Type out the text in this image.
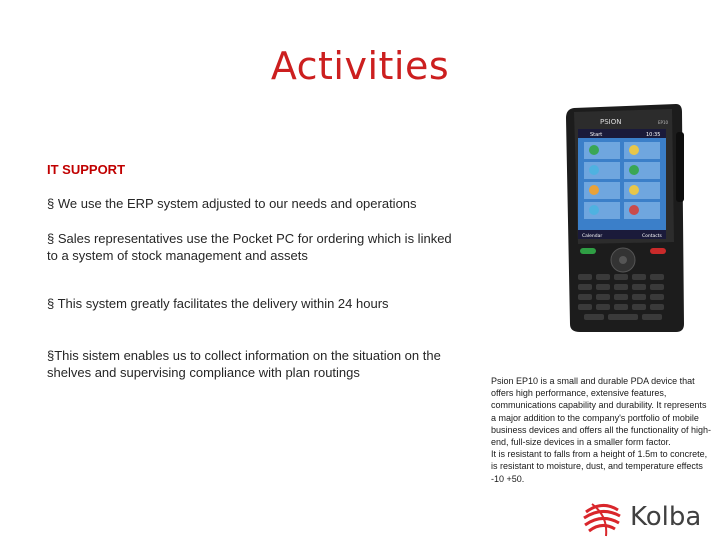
Activities
IT SUPPORT
§ We use the ERP system adjusted to our needs and operations
§ Sales representatives use the Pocket PC for ordering which is linked to a system of stock management and assets
§ This system greatly facilitates the delivery within 24 hours
§This sistem enables us to collect information on the situation on the shelves and supervising compliance with plan routings
PSION	EP10
Start	10:35
Calendar	Contacts
Psion EP10 is a small and durable PDA device that offers high performance, extensive features, communications capability and durability. It represents a major addition to the company's portfolio of mobile business devices and offers all the functionality of high-end, full-size devices in a smaller form factor.
It is resistant to falls from a height of 1.5m to concrete, is resistant to moisture, dust, and temperature effects -10 +50.
Kolba
